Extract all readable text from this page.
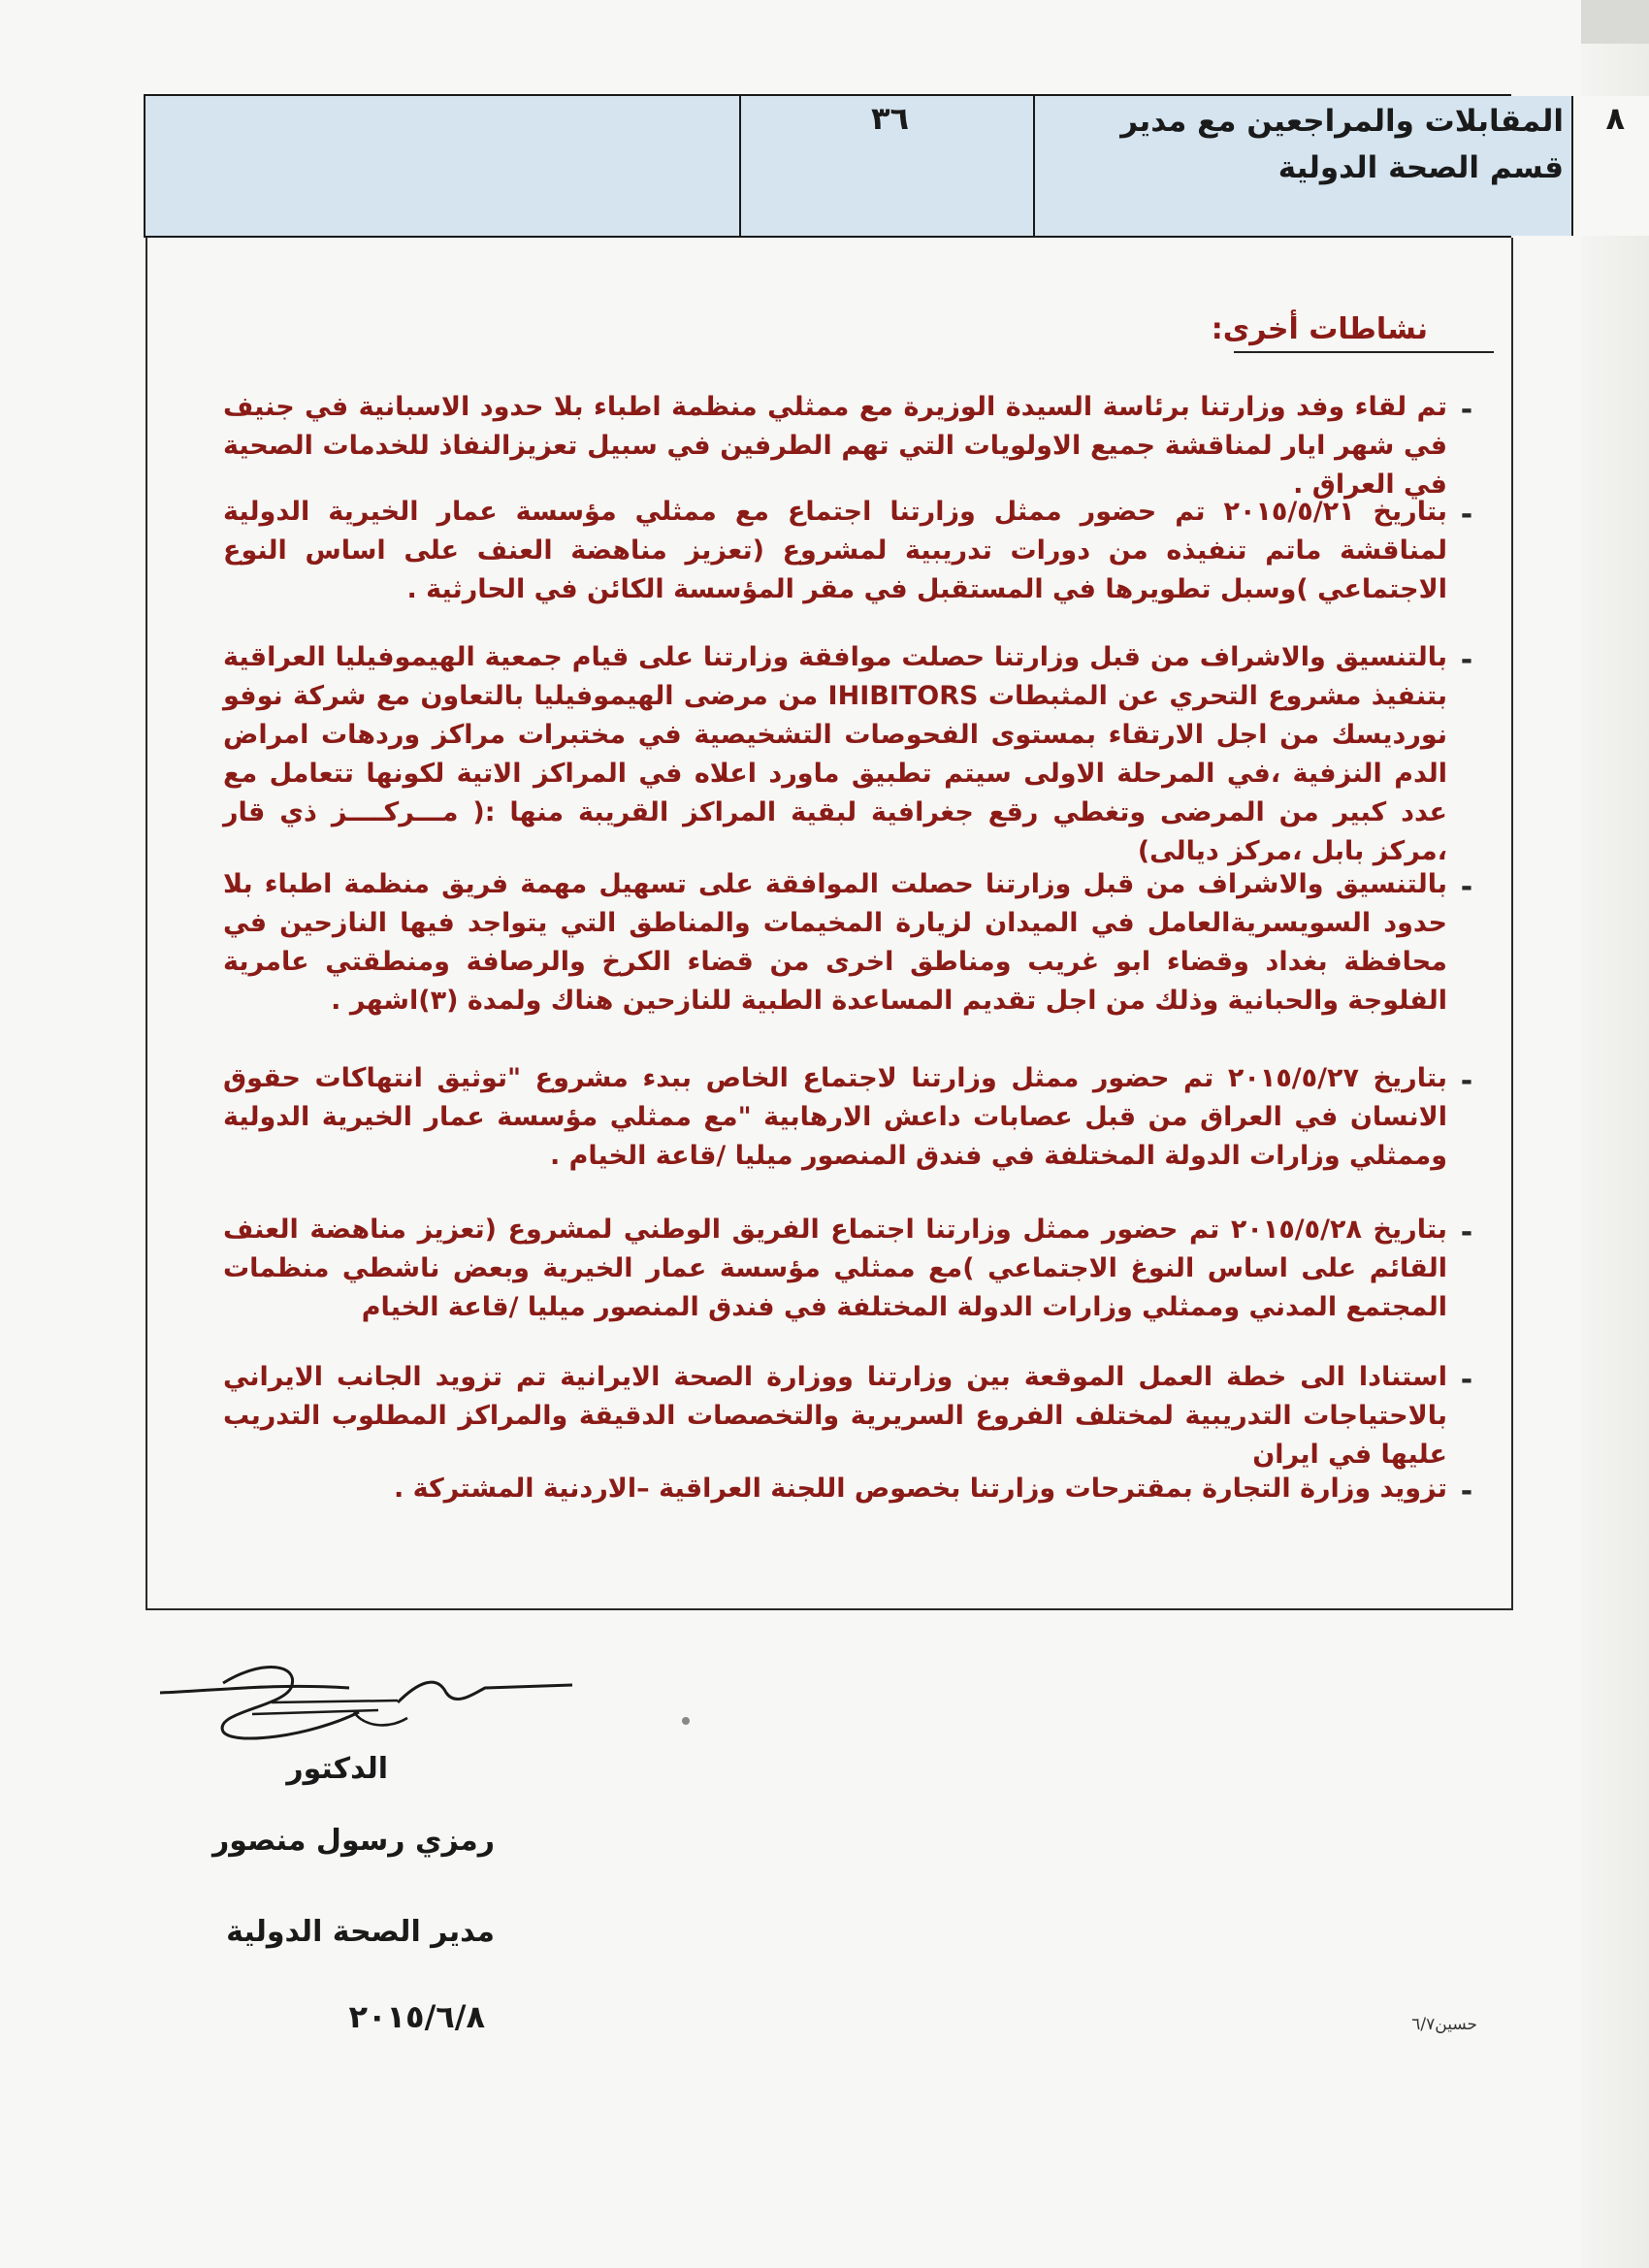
٣٦	المقابلات والمراجعين مع مدير قسم الصحة الدولية
٨
نشاطات أخرى:
-
تم لقاء وفد وزارتنا برئاسة السيدة الوزيرة مع ممثلي منظمة اطباء بلا حدود الاسبانية في جنيف في شهر ايار لمناقشة جميع الاولويات التي تهم الطرفين في سبيل تعزيزالنفاذ للخدمات الصحية في العراق .
-
بتاريخ ٢٠١٥/٥/٢١ تم حضور ممثل وزارتنا اجتماع مع ممثلي مؤسسة عمار الخيرية الدولية لمناقشة ماتم تنفيذه من دورات تدريبية لمشروع (تعزيز مناهضة العنف على اساس النوع الاجتماعي )وسبل تطويرها في المستقبل في مقر المؤسسة الكائن في الحارثية .
-
بالتنسيق والاشراف من قبل وزارتنا حصلت موافقة وزارتنا على قيام جمعية الهيموفيليا العراقية بتنفيذ مشروع التحري عن المثبطات IHIBITORS من مرضى الهيموفيليا بالتعاون مع شركة نوفو نورديسك من اجل الارتقاء بمستوى الفحوصات التشخيصية في مختبرات مراكز وردهات امراض الدم النزفية ،في المرحلة الاولى سيتم تطبيق ماورد اعلاه في المراكز الاتية لكونها تتعامل مع عدد كبير من المرضى وتغطي رقع جغرافية لبقية المراكز القريبة منها :( مـــركــــز ذي قار ،مركز بابل ،مركز ديالى)
-
بالتنسيق والاشراف من قبل وزارتنا حصلت الموافقة على تسهيل مهمة فريق منظمة اطباء بلا حدود السويسريةالعامل في الميدان لزيارة المخيمات والمناطق التي يتواجد فيها النازحين في محافظة بغداد وقضاء ابو غريب ومناطق اخرى من قضاء الكرخ والرصافة ومنطقتي عامرية الفلوجة والحبانية وذلك من اجل تقديم المساعدة الطبية للنازحين هناك ولمدة (٣)اشهر .
-
بتاريخ ٢٠١٥/٥/٢٧ تم حضور ممثل وزارتنا لاجتماع الخاص ببدء مشروع "توثيق انتهاكات حقوق الانسان في العراق من قبل عصابات داعش الارهابية "مع ممثلي مؤسسة عمار الخيرية الدولية وممثلي وزارات الدولة المختلفة في فندق المنصور ميليا /قاعة الخيام .
-
بتاريخ ٢٠١٥/٥/٢٨ تم حضور ممثل وزارتنا اجتماع الفريق الوطني لمشروع (تعزيز مناهضة العنف القائم على اساس النوغ الاجتماعي )مع ممثلي مؤسسة عمار الخيرية وبعض ناشطي منظمات المجتمع المدني وممثلي وزارات الدولة المختلفة في فندق المنصور ميليا /قاعة الخيام
-
استنادا الى خطة العمل الموقعة بين وزارتنا ووزارة الصحة الايرانية تم تزويد الجانب الايراني بالاحتياجات التدريبية لمختلف الفروع السريرية والتخصصات الدقيقة والمراكز المطلوب التدريب عليها في ايران
-
تزويد وزارة التجارة بمقترحات وزارتنا بخصوص اللجنة العراقية –الاردنية المشتركة .
الدكتور
رمزي رسول منصور
مدير الصحة الدولية
٢٠١٥/٦/٨	حسين٦/٧
